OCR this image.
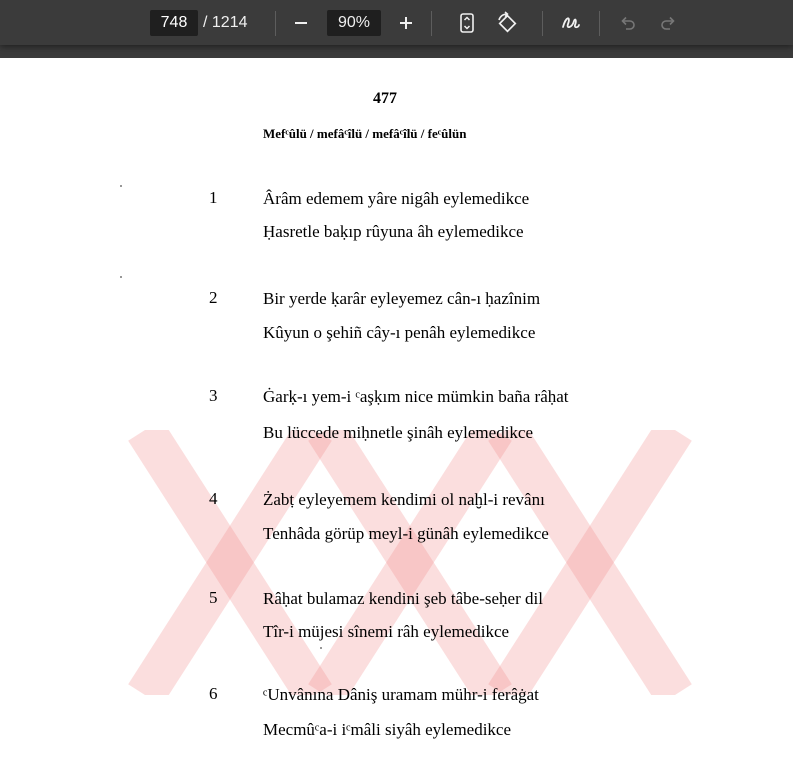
748 / 1214	90%
477
Mefᶜûlü / mefâᶜîlü / mefâᶜîlü / feᶜûlün
1	Ârâm edemem yâre nigâh eylemedikce
Ḥasretle baḳıp rûyuna âh eylemedikce
2	Bir yerde ḳarâr eyleyemez cân-ı ḥazînim
Kûyun o şehiñ cây-ı penâh eylemedikce
3	Ġarḳ-ı yem-i ᶜaşḳım nice mümkin baña râḥat
Bu lüccede miḥnetle şinâh eylemedikce
4	Żabṭ eyleyemem kendimi ol naḫl-i revânı
Tenhâda görüp meyl-i günâh eylemedikce
5	Râḥat bulamaz kendini şeb tâbe-seḥer dil
Tîr-i müjesi sînemi râh eylemedikce
6	ᶜUnvânına Dâniş uramam mühr-i ferâġat
Mecmûᶜa-i iᶜmâli siyâh eylemedikce
